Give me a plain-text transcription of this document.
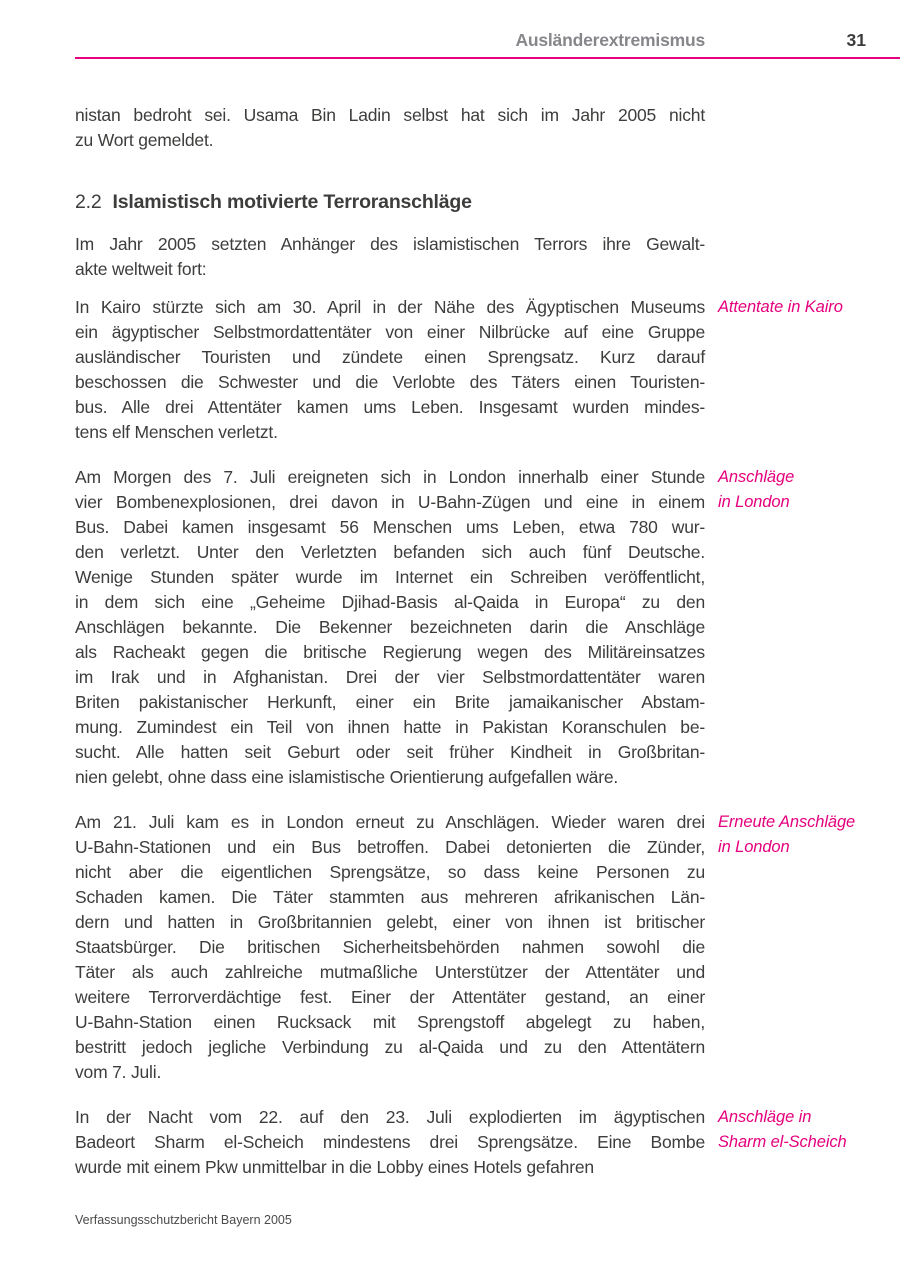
Ausländerextremismus	31
nistan bedroht sei. Usama Bin Ladin selbst hat sich im Jahr 2005 nicht
zu Wort gemeldet.
2.2 Islamistisch motivierte Terroranschläge
Im Jahr 2005 setzten Anhänger des islamistischen Terrors ihre Gewalt-
akte weltweit fort:
In Kairo stürzte sich am 30. April in der Nähe des Ägyptischen Museums
ein ägyptischer Selbstmordattentäter von einer Nilbrücke auf eine Gruppe
ausländischer Touristen und zündete einen Sprengsatz. Kurz darauf
beschossen die Schwester und die Verlobte des Täters einen Touristen-
bus. Alle drei Attentäter kamen ums Leben. Insgesamt wurden mindes-
tens elf Menschen verletzt.
Attentate in Kairo
Am Morgen des 7. Juli ereigneten sich in London innerhalb einer Stunde
vier Bombenexplosionen, drei davon in U-Bahn-Zügen und eine in einem
Bus. Dabei kamen insgesamt 56 Menschen ums Leben, etwa 780 wur-
den verletzt. Unter den Verletzten befanden sich auch fünf Deutsche.
Wenige Stunden später wurde im Internet ein Schreiben veröffentlicht,
in dem sich eine „Geheime Djihad-Basis al-Qaida in Europa“ zu den
Anschlägen bekannte. Die Bekenner bezeichneten darin die Anschläge
als Racheakt gegen die britische Regierung wegen des Militäreinsatzes
im Irak und in Afghanistan. Drei der vier Selbstmordattentäter waren
Briten pakistanischer Herkunft, einer ein Brite jamaikanischer Abstam-
mung. Zumindest ein Teil von ihnen hatte in Pakistan Koranschulen be-
sucht. Alle hatten seit Geburt oder seit früher Kindheit in Großbritan-
nien gelebt, ohne dass eine islamistische Orientierung aufgefallen wäre.
Anschläge
in London
Am 21. Juli kam es in London erneut zu Anschlägen. Wieder waren drei
U-Bahn-Stationen und ein Bus betroffen. Dabei detonierten die Zünder,
nicht aber die eigentlichen Sprengsätze, so dass keine Personen zu
Schaden kamen. Die Täter stammten aus mehreren afrikanischen Län-
dern und hatten in Großbritannien gelebt, einer von ihnen ist britischer
Staatsbürger. Die britischen Sicherheitsbehörden nahmen sowohl die
Täter als auch zahlreiche mutmaßliche Unterstützer der Attentäter und
weitere Terrorverdächtige fest. Einer der Attentäter gestand, an einer
U-Bahn-Station einen Rucksack mit Sprengstoff abgelegt zu haben,
bestritt jedoch jegliche Verbindung zu al-Qaida und zu den Attentätern
vom 7. Juli.
Erneute Anschläge
in London
In der Nacht vom 22. auf den 23. Juli explodierten im ägyptischen
Badeort Sharm el-Scheich mindestens drei Sprengsätze. Eine Bombe
wurde mit einem Pkw unmittelbar in die Lobby eines Hotels gefahren
Anschläge in
Sharm el-Scheich
Verfassungsschutzbericht Bayern 2005
